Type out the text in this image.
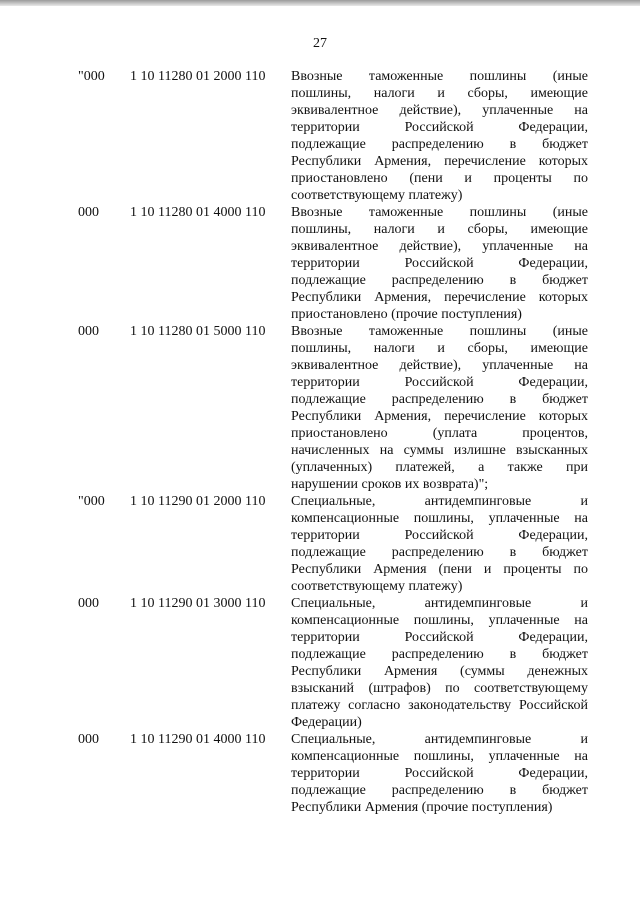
27
"000 1 10 11280 01 2000 110 Ввозные таможенные пошлины (иные
пошлины, налоги и сборы, имеющие
эквивалентное действие), уплаченные на
территории Российской Федерации,
подлежащие распределению в бюджет
Республики Армения, перечисление которых
приостановлено (пени и проценты по
соответствующему платежу)
000 1 10 11280 01 4000 110 Ввозные таможенные пошлины (иные
пошлины, налоги и сборы, имеющие
эквивалентное действие), уплаченные на
территории Российской Федерации,
подлежащие распределению в бюджет
Республики Армения, перечисление которых
приостановлено (прочие поступления)
000 1 10 11280 01 5000 110 Ввозные таможенные пошлины (иные
пошлины, налоги и сборы, имеющие
эквивалентное действие), уплаченные на
территории Российской Федерации,
подлежащие распределению в бюджет
Республики Армения, перечисление которых
приостановлено (уплата процентов,
начисленных на суммы излишне взысканных
(уплаченных) платежей, а также при
нарушении сроков их возврата)";
"000 1 10 11290 01 2000 110 Специальные, антидемпинговые и
компенсационные пошлины, уплаченные на
территории Российской Федерации,
подлежащие распределению в бюджет
Республики Армения (пени и проценты по
соответствующему платежу)
000 1 10 11290 01 3000 110 Специальные, антидемпинговые и
компенсационные пошлины, уплаченные на
территории Российской Федерации,
подлежащие распределению в бюджет
Республики Армения (суммы денежных
взысканий (штрафов) по соответствующему
платежу согласно законодательству Российской
Федерации)
000 1 10 11290 01 4000 110 Специальные, антидемпинговые и
компенсационные пошлины, уплаченные на
территории Российской Федерации,
подлежащие распределению в бюджет
Республики Армения (прочие поступления)
